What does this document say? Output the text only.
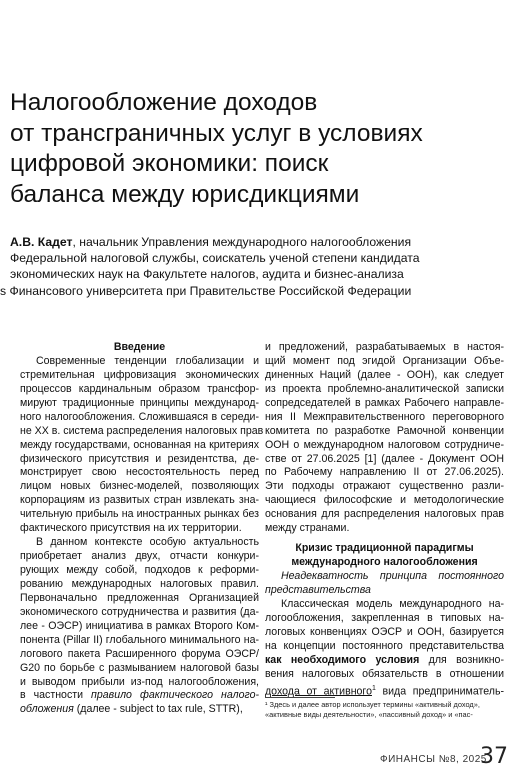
Налогообложение доходов
от трансграничных услуг в условиях
цифровой экономики: поиск
баланса между юрисдикциями
А.В. Кадет, начальник Управления международного налогообложения
Федеральной налоговой службы, соискатель ученой степени кандидата
экономических наук на Факультете налогов, аудита и бизнес-анализа
s Финансового университета при Правительстве Российской Федерации
Введение
Современные тенденции глобализации и
стремительная цифровизация экономических
процессов кардинальным образом трансфор-
мируют традиционные принципы международ-
ного налогообложения. Сложившаяся в середи-
не XX в. система распределения налоговых прав
между государствами, основанная на критериях
физического присутствия и резидентства, де-
монстрирует свою несостоятельность перед
лицом новых бизнес-моделей, позволяющих
корпорациям из развитых стран извлекать зна-
чительную прибыль на иностранных рынках без
фактического присутствия на их территории.
В данном контексте особую актуальность
приобретает анализ двух, отчасти конкури-
рующих между собой, подходов к реформи-
рованию международных налоговых правил.
Первоначально предложенная Организацией
экономического сотрудничества и развития (да-
лее - ОЭСР) инициатива в рамках Второго Ком-
понента (Pillar II) глобального минимального на-
логового пакета Расширенного форума ОЭСР/
G20 по борьбе с размыванием налоговой базы
и выводом прибыли из-под налогообложения,
в частности правило фактического налого-
обложения (далее - subject to tax rule, STTR),
и предложений, разрабатываемых в настоя-
щий момент под эгидой Организации Объе-
диненных Наций (далее - ООН), как следует
из проекта проблемно-аналитической записки
сопредседателей в рамках Рабочего направле-
ния II Межправительственного переговорного
комитета по разработке Рамочной конвенции
ООН о международном налоговом сотрудниче-
стве от 27.06.2025 [1] (далее - Документ ООН
по Рабочему направлению II от 27.06.2025).
Эти подходы отражают существенно разли-
чающиеся философские и методологические
основания для распределения налоговых прав
между странами.
Кризис традиционной парадигмы
международного налогообложения
Неадекватность принципа постоянного
представительства
Классическая модель международного на-
логообложения, закрепленная в типовых на-
логовых конвенциях ОЭСР и ООН, базируется
на концепции постоянного представительства
как необходимого условия для возникно-
вения налоговых обязательств в отношении
дохода от активного$^1$ вида предприниматель-
¹ Здесь и далее автор использует термины «активный доход»,
«активные виды деятельности», «пассивный доход» и «пас-
ФИНАНСЫ №8, 2025
37
